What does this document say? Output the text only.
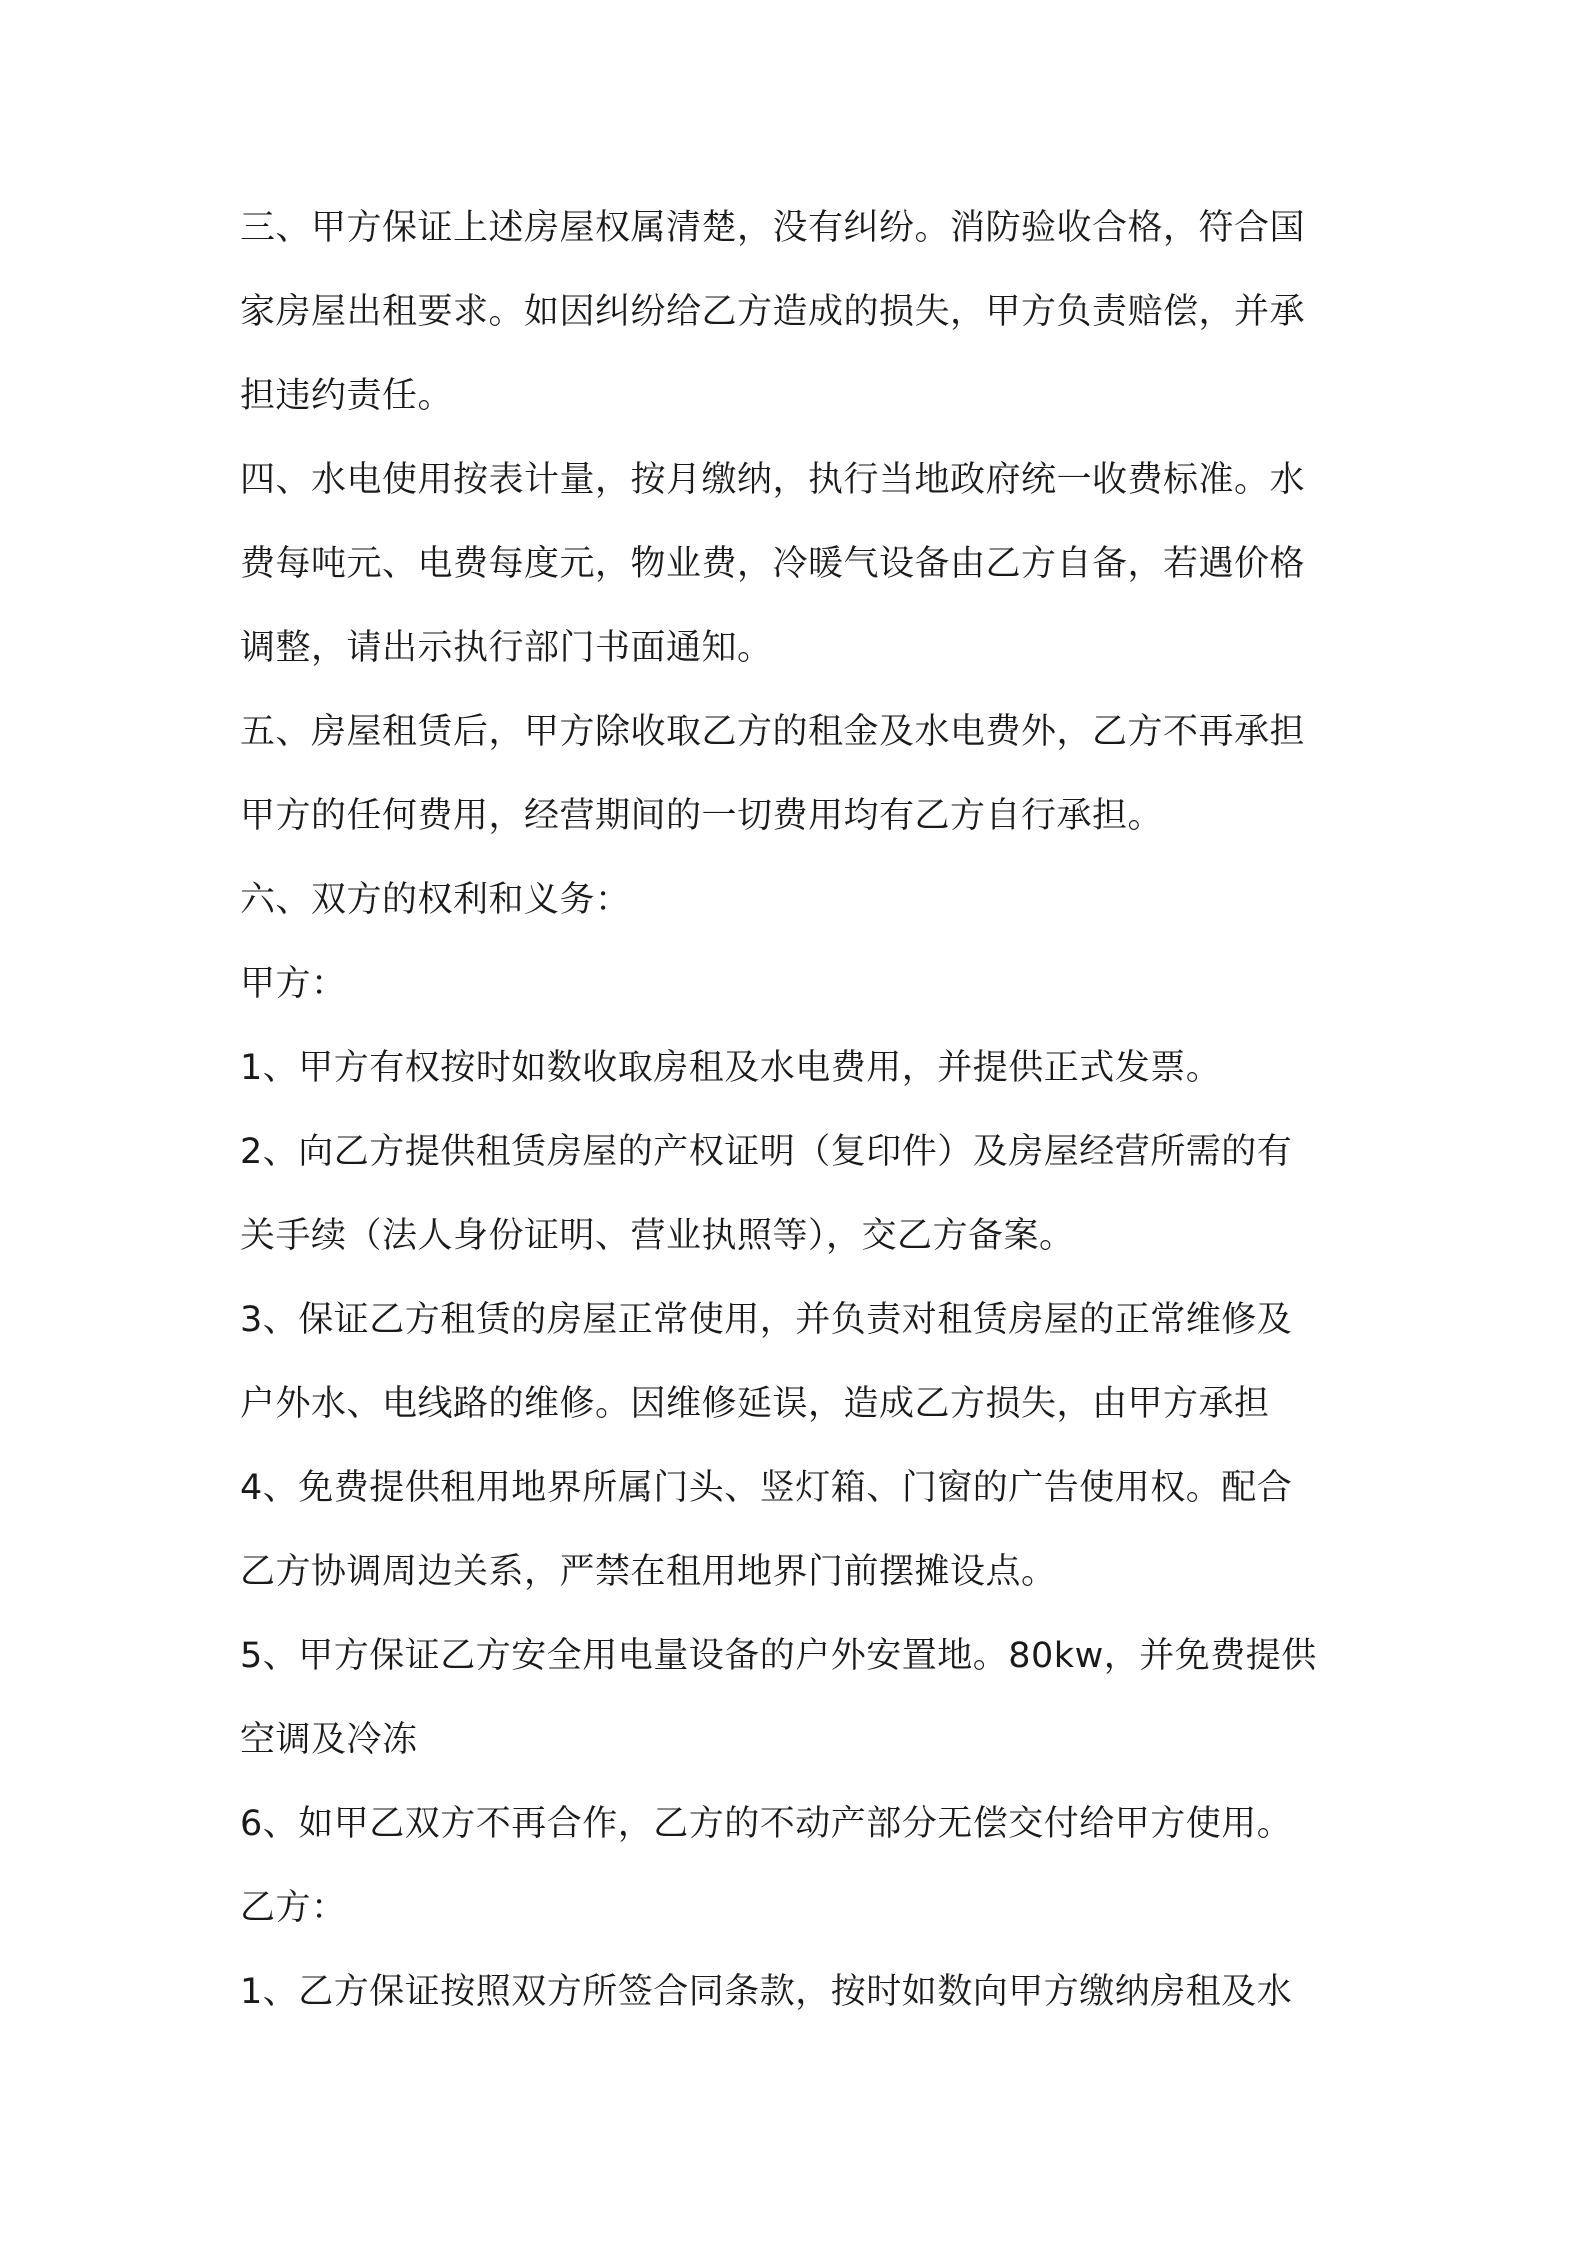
三、甲方保证上述房屋权属清楚，没有纠纷。消防验收合格，符合国
家房屋出租要求。如因纠纷给乙方造成的损失，甲方负责赔偿，并承
担违约责任。
四、水电使用按表计量，按月缴纳，执行当地政府统一收费标准。水
费每吨元、电费每度元，物业费，冷暖气设备由乙方自备，若遇价格
调整，请出示执行部门书面通知。
五、房屋租赁后，甲方除收取乙方的租金及水电费外，乙方不再承担
甲方的任何费用，经营期间的一切费用均有乙方自行承担。
六、双方的权利和义务：
甲方：
1、甲方有权按时如数收取房租及水电费用，并提供正式发票。
2、向乙方提供租赁房屋的产权证明（复印件）及房屋经营所需的有
关手续（法人身份证明、营业执照等），交乙方备案。
3、保证乙方租赁的房屋正常使用，并负责对租赁房屋的正常维修及
户外水、电线路的维修。因维修延误，造成乙方损失，由甲方承担
4、免费提供租用地界所属门头、竖灯箱、门窗的广告使用权。配合
乙方协调周边关系，严禁在租用地界门前摆摊设点。
5、甲方保证乙方安全用电量设备的户外安置地。80kw，并免费提供
空调及冷冻
6、如甲乙双方不再合作，乙方的不动产部分无偿交付给甲方使用。
乙方：
1、乙方保证按照双方所签合同条款，按时如数向甲方缴纳房租及水
